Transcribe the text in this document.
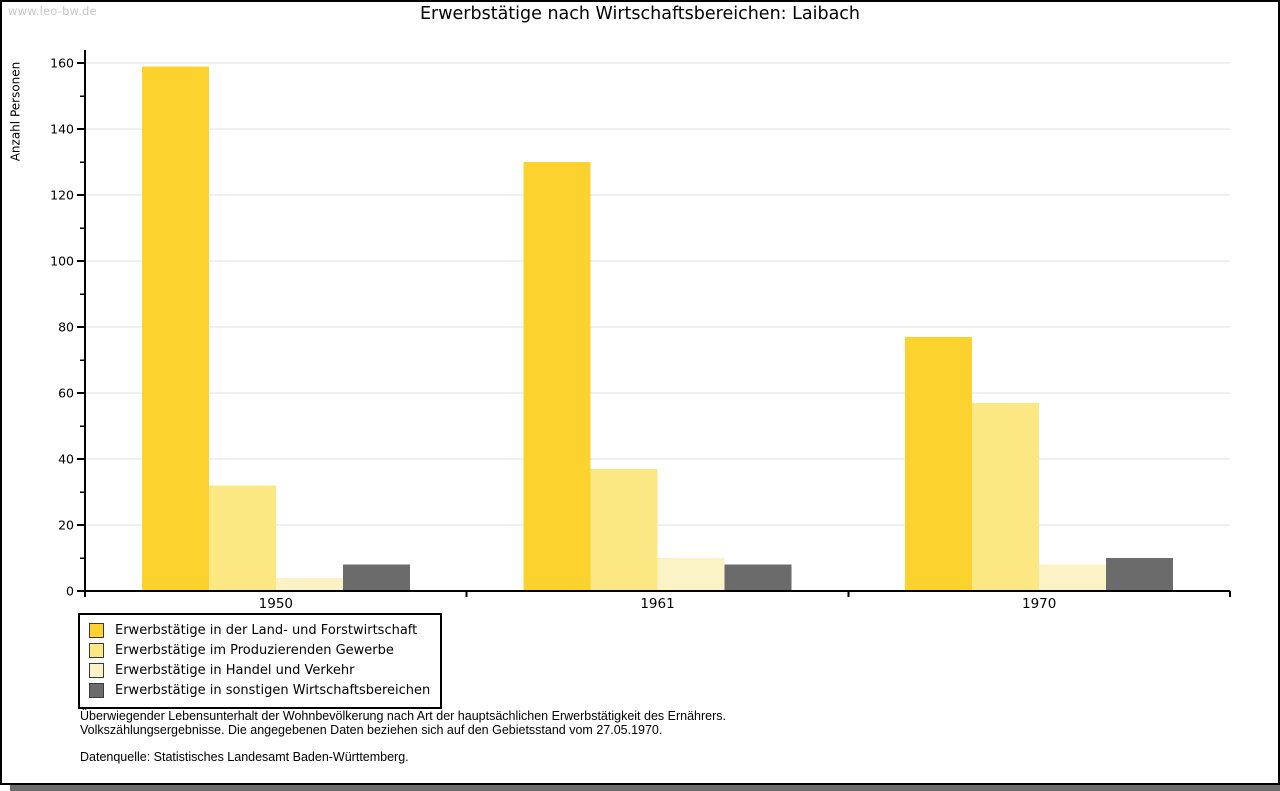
www.leo-bw.de	Erwerbstätige nach Wirtschaftsbereichen: Laibach
Anzahl Personen
1950	1961	1970
0
20
40
60
80
100
120
140
160
Erwerbstätige in der Land- und Forstwirtschaft
Erwerbstätige im Produzierenden Gewerbe
Erwerbstätige in Handel und Verkehr
Erwerbstätige in sonstigen Wirtschaftsbereichen
Überwiegender Lebensunterhalt der Wohnbevölkerung nach Art der hauptsächlichen Erwerbstätigkeit des Ernährers.
Volkszählungsergebnisse. Die angegebenen Daten beziehen sich auf den Gebietsstand vom 27.05.1970.
Datenquelle: Statistisches Landesamt Baden-Württemberg.
